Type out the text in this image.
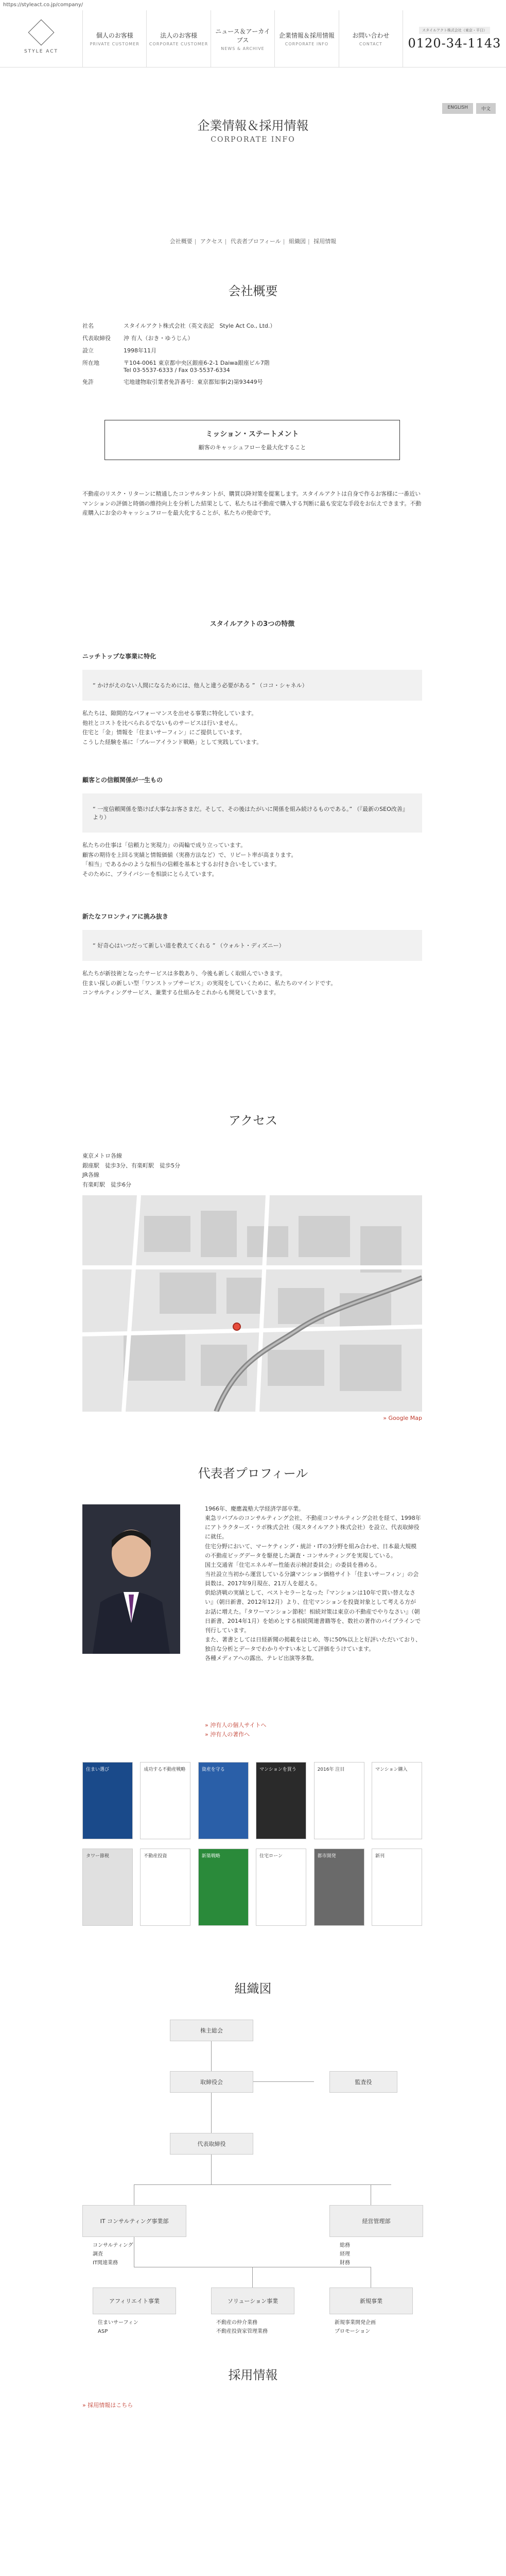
https://styleact.co.jp/company/
STYLE ACT
個人のお客様
PRIVATE CUSTOMER
法人のお客様
CORPORATE CUSTOMER
ニュース＆アーカイブス
NEWS & ARCHIVE
企業情報＆採用情報
CORPORATE INFO
お問い合わせ
CONTACT
スタイルアクト株式会社（東京・平日）
0120-34-1143
ENGLISH	中文
企業情報＆採用情報
CORPORATE INFO
会社概要 | アクセス | 代表者プロフィール | 組織図 | 採用情報
会社概要
社名	スタイルアクト株式会社（英文表記　Style Act Co., Ltd.）
代表取締役	沖 有人（おき・ゆうじん）
設立	1998年11月
所在地	〒104-0061 東京都中央区銀座6-2-1 Daiwa銀座ビル7階
Tel 03-5537-6333 / Fax 03-5537-6334
免許	宅地建物取引業者免許番号：東京都知事(2)第93449号
ミッション・ステートメント
顧客のキャッシュフローを最大化すること
不動産のリスク・リターンに精通したコンサルタントが、購買以降対策を提案します。スタイルアクトは自身で作るお客様に一番近いマンションの評価と時価の維持向上を分析した結果として、私たちは不動産で購入する判断に最も安定な手段をお伝えできます。不動産購入にお金のキャッシュフローを最大化することが、私たちの使命です。
スタイルアクトの3つの特徴
ニッチトップな事業に特化
“ かけがえのない人間になるためには、他人と違う必要がある ” （ココ・シャネル）
私たちは、隙間的なパフォーマンスを出せる事業に特化しています。
他社とコストを比べられるでないものサービスは行いません。
住宅と「金」情報を「住まいサーフィン」にご提供しています。
こうした経験を基に「ブルーアイランド戦略」として実践しています。
顧客との信頼関係が一生もの
“ 一度信頼関係を築けば大事なお客さまだ。そして、その後はたがいに関係を組み続けるものである。” （『最新のSEO改善』より）
私たちの仕事は「信頼力と実現力」の両輪で成り立っています。
顧客の期待を上回る実績と情報価値（実務方法など）で、リピート率が高まります。
「相当」であるかのような相当の信頼を基本とするお付き合いをしています。
そのために、プライバシーを相談にとらえています。
新たなフロンティアに挑み抜き
“ 好奇心はいつだって新しい道を教えてくれる ” （ウォルト・ディズニー）
私たちが新技術となったサービスは多数あり、今後も新しく取組んでいきます。
住まい探しの新しい型「ワンストップサービス」の実現をしていくために、私たちのマインドです。
コンサルティングサービス、兼業する仕組みをこれからも開発していきます。
アクセス
東京メトロ各線
銀座駅　徒歩3分、有楽町駅　徒歩5分
JR各線
有楽町駅　徒歩6分
» Google Map
代表者プロフィール
1966年、慶應義塾大学経済学部卒業。
東急リバブルのコンサルティング会社、不動産コンサルティング会社を経て、1998年にアトラクターズ・ラボ株式会社（現スタイルアクト株式会社）を設立、代表取締役に就任。
住宅分野において、マーケティング・統計・ITの3分野を組み合わせ、日本最大規模の不動産ビッグデータを駆使した調査・コンサルティングを実現している。
国土交通省「住宅エネルギー性能表示検討委員会」の委員を務める。
当社設立当初から運営している分譲マンション価格サイト「住まいサーフィン」の会員数は、2017年9月現在、21万人を超える。
供給済戦の実績として、ベストセラーとなった『マンションは10年で買い替えなさい』（朝日新書、2012年12月）より、住宅マンションを投資対象として考える方がお話に増えた。『タワーマンション節税！相続対策は東京の不動産でやりなさい』（朝日新書、2014年1月）を始めとする相続関連書籍等を、数社の著作のパイプラインで刊行しています。
また、著書としては日経新聞の掲載をはじめ、等に50%以上と好評いただいており、独自な分析とデータでわかりやすい本として評価をうけています。
各種メディアへの露出、テレビ出演等多数。
» 沖有人の個人サイトへ
» 沖有人の著作へ
住まい選び	成功する不動産戦略	資産を守る	マンションを買う	2016年 注目	マンション購入
タワー節税	不動産投資	新築戦略	住宅ローン	都市開発	新刊
組織図
株主総会
取締役会	監査役
代表取締役
IT コンサルティング事業部	経営管理部
コンサルティング
調査
IT関連業務
総務
経理
財務
アフィリエイト事業	ソリューション事業	新規事業
住まいサーフィン
ASP
不動産の仲介業務
不動産投資家管理業務
新規事業開発企画
プロモーション
採用情報
» 採用情報はこちら
